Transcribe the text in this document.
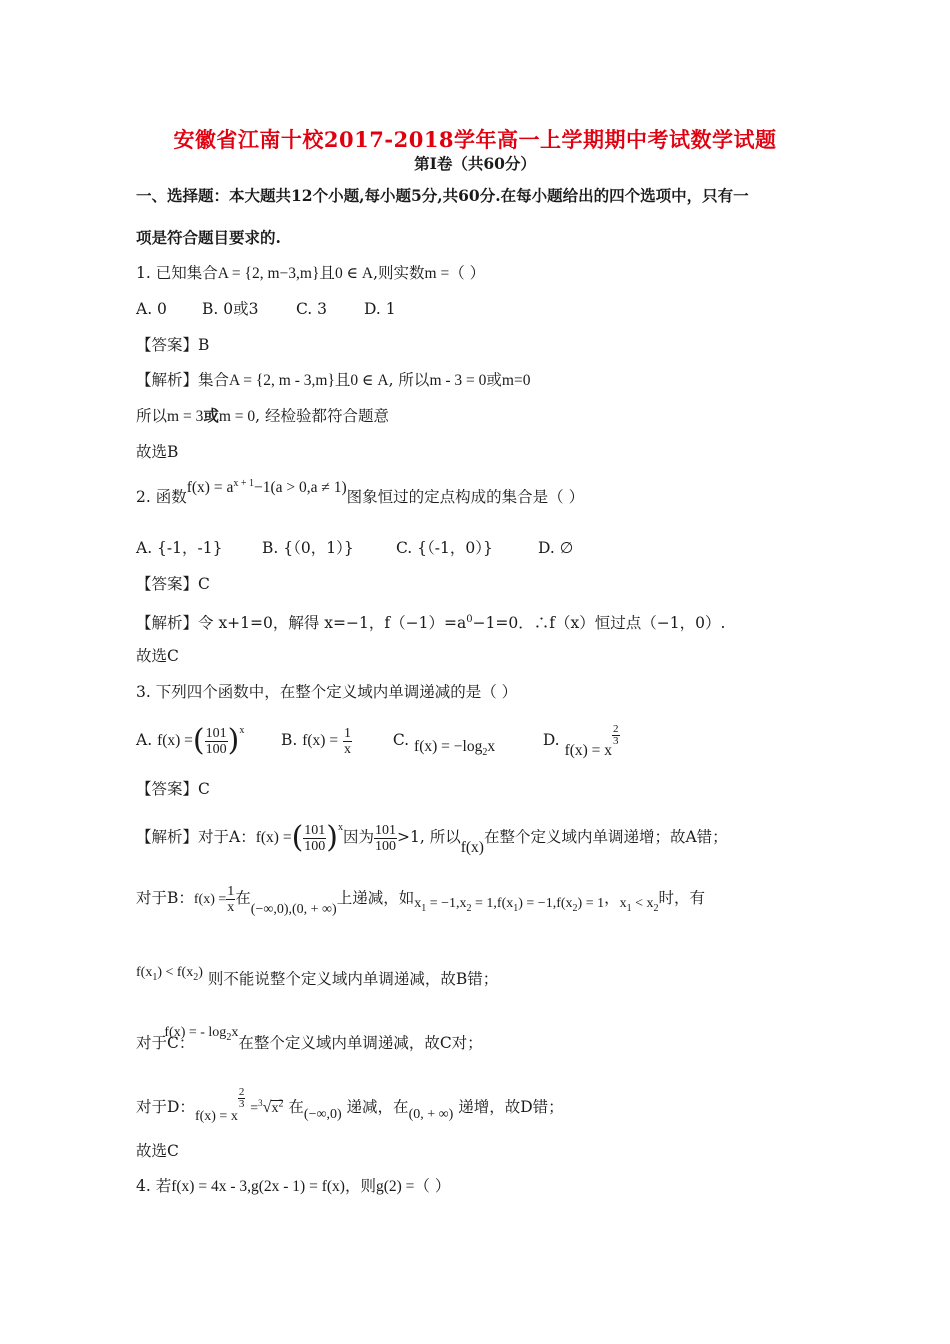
安徽省江南十校2017-2018学年高一上学期期中考试数学试题
第Ⅰ卷（共60分）
一、选择题：本大题共12个小题,每小题5分,共60分.在每小题给出的四个选项中，只有一
项是符合题目要求的.
1. 已知集合A = {2, m−3,m}且0 ∈ A,则实数m =（ ）
A. 0 B. 0或3 C. 3 D. 1
【答案】B
【解析】集合A = {2, m - 3,m}且0 ∈ A, 所以m - 3 = 0或m=0
所以m = 3或m = 0, 经检验都符合题意
故选B
2. 函数$f(x) = a^{x + 1}-1(a > 0,a \ne 1)$图象恒过的定点构成的集合是（ ）
A. {-1，-1}	B. {（0，1）}	C. {（-1，0）}	D. ∅
【答案】C
【解析】令 x+1=0，解得 x=−1，$f(-1)=a^0-1=0$．∴f（x）恒过点（−1，0）.
故选C
3. 下列四个函数中，在整个定义域内单调递减的是（ ）
A. f(x) =( $\frac{101}{100} )^x$ B. $f(x) = \frac{1}{x}$	C. $f(x) = -\log_2x$	D. f(x) = x
$\frac{2}{3}$
【答案】C
【解析】对于A：f(x) =( $\frac{101}{100} )^x$因为 $\frac{101}{100} >1$, 所以f(x)在整个定义域内单调递增；故A错；
对于B：$f(x) = \frac{1}{x}$ 在(−∞,0),(0, + ∞)上递减，如$x_1 = -1,x_2 = 1,f(x_1) = -1,f(x_2) = 1$，$x_1 < x_2$时，有
$f(x_1) < f(x_2)$ 则不能说整个定义域内单调递减，故B错；
对于C：f(x) = - $\log_2x$在整个定义域内单调递减，故C对；
对于D：f(x) = x
$\frac{2}{3} =^3√x^2$ 在(−∞,0) 递减，在(0, + ∞) 递增，故D错；
故选C
4. 若f(x) = 4x - 3,g(2x - 1) = f(x)，则g(2) =（ ）
